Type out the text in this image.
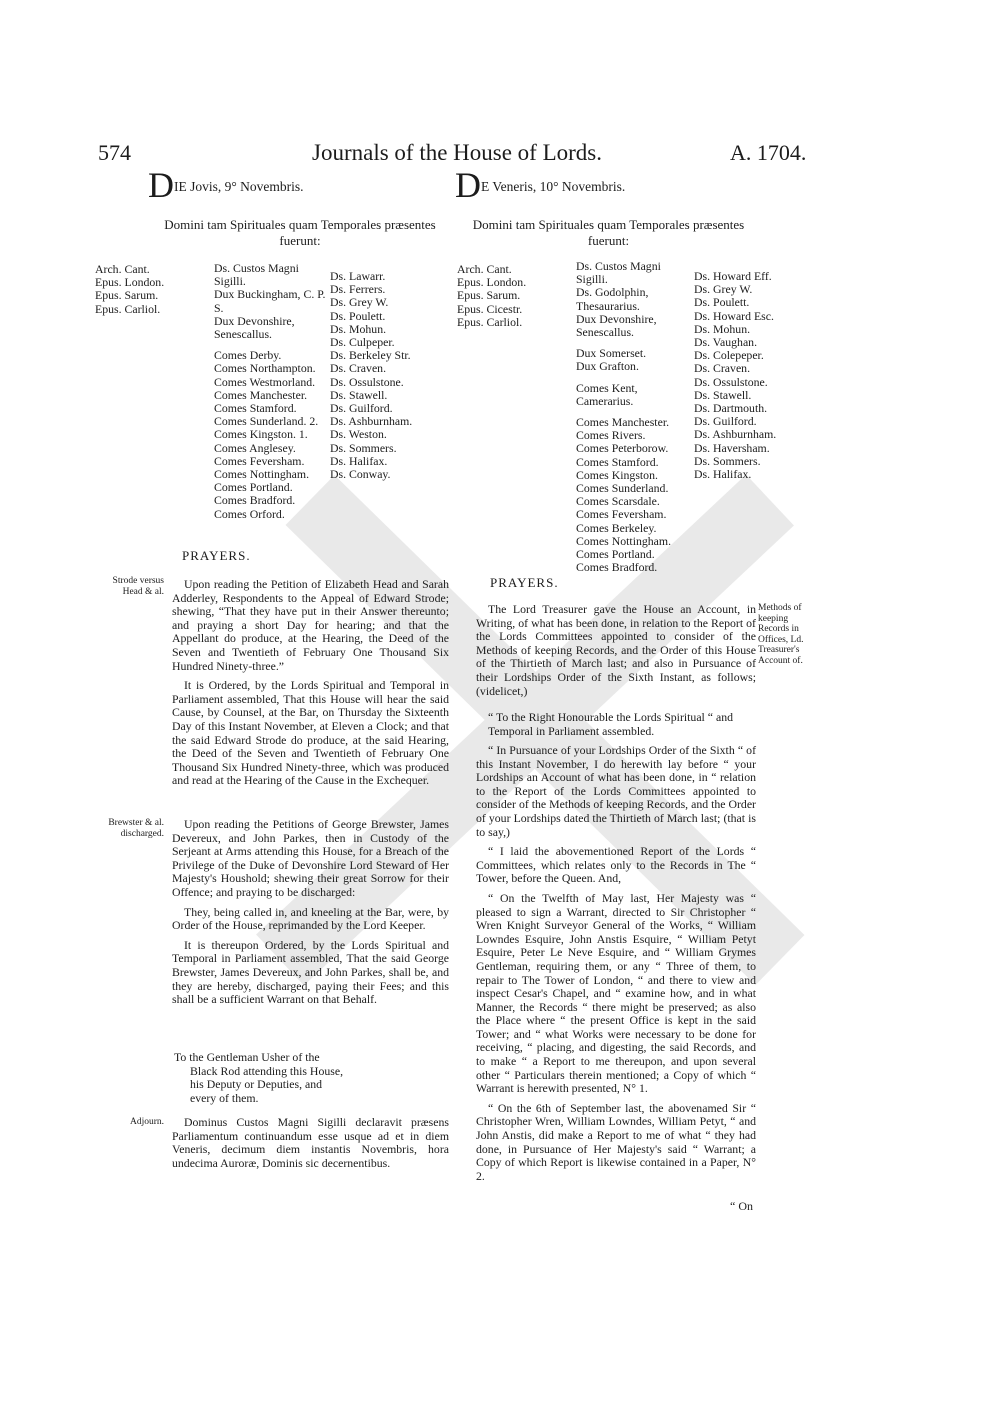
574	Journals of the House of Lords.	A. 1704.
DIE Jovis, 9° Novembris.
Domini tam Spirituales quam Temporales præsentes fuerunt:
Arch. Cant.
Epus. London.
Epus. Sarum.
Epus. Carliol.
Ds. Custos Magni Sigilli.
Dux Buckingham, C. P. S.
Dux Devonshire, Senescallus.
Comes Derby.
Comes Northampton.
Comes Westmorland.
Comes Manchester.
Comes Stamford.
Comes Sunderland. 2.
Comes Kingston. 1.
Comes Anglesey.
Comes Feversham.
Comes Nottingham.
Comes Portland.
Comes Bradford.
Comes Orford.
Ds. Lawarr.
Ds. Ferrers.
Ds. Grey W.
Ds. Poulett.
Ds. Mohun.
Ds. Culpeper.
Ds. Berkeley Str.
Ds. Craven.
Ds. Ossulstone.
Ds. Stawell.
Ds. Guilford.
Ds. Ashburnham.
Ds. Weston.
Ds. Sommers.
Ds. Halifax.
Ds. Conway.
PRAYERS.
Strode versus Head & al.

Upon reading the Petition of Elizabeth Head and Sarah Adderley, Respondents to the Appeal of Edward Strode; shewing, “That they have put in their Answer thereunto; and praying a short Day for hearing; and that the Appellant do produce, at the Hearing, the Deed of the Seven and Twentieth of February One Thousand Six Hundred Ninety-three.”

It is Ordered, by the Lords Spiritual and Temporal in Parliament assembled, That this House will hear the said Cause, by Counsel, at the Bar, on Thursday the Sixteenth Day of this Instant November, at Eleven a Clock; and that the said Edward Strode do produce, at the said Hearing, the Deed of the Seven and Twentieth of February One Thousand Six Hundred Ninety-three, which was produced and read at the Hearing of the Cause in the Exchequer.

Brewster & al. discharged.

Upon reading the Petitions of George Brewster, James Devereux, and John Parkes, then in Custody of the Serjeant at Arms attending this House, for a Breach of the Privilege of the Duke of Devonshire Lord Steward of Her Majesty's Houshold; shewing their great Sorrow for their Offence; and praying to be discharged:

They, being called in, and kneeling at the Bar, were, by Order of the House, reprimanded by the Lord Keeper.

It is thereupon Ordered, by the Lords Spiritual and Temporal in Parliament assembled, That the said George Brewster, James Devereux, and John Parkes, shall be, and they are hereby, discharged, paying their Fees; and this shall be a sufficient Warrant on that Behalf.

To the Gentleman Usher of the
Black Rod attending this House,
his Deputy or Deputies, and
every of them.
Adjourn.	Dominus Custos Magni Sigilli declaravit præsens Parliamentum continuandum esse usque ad et in diem Veneris, decimum diem instantis Novembris, hora undecima Auroræ, Dominis sic decernentibus.

DE Veneris, 10° Novembris.
Domini tam Spirituales quam Temporales præsentes fuerunt:
Arch. Cant.
Epus. London.
Epus. Sarum.
Epus. Cicestr.
Epus. Carliol.
Ds. Custos Magni Sigilli.
Ds. Godolphin, Thesaurarius.
Dux Devonshire, Senescallus.
Dux Somerset.
Dux Grafton.
Comes Kent, Camerarius.
Comes Manchester.
Comes Rivers.
Comes Peterborow.
Comes Stamford.
Comes Kingston.
Comes Sunderland.
Comes Scarsdale.
Comes Feversham.
Comes Berkeley.
Comes Nottingham.
Comes Portland.
Comes Bradford.
Ds. Howard Eff.
Ds. Grey W.
Ds. Poulett.
Ds. Howard Esc.
Ds. Mohun.
Ds. Vaughan.
Ds. Colepeper.
Ds. Craven.
Ds. Ossulstone.
Ds. Stawell.
Ds. Dartmouth.
Ds. Guilford.
Ds. Ashburnham.
Ds. Haversham.
Ds. Sommers.
Ds. Halifax.
PRAYERS.

The Lord Treasurer gave the House an Account, in Writing, of what has been done, in relation to the Report of the Lords Committees appointed to consider of the Methods of keeping Records, and the Order of this House of the Thirtieth of March last; and also in Pursuance of their Lordships Order of the Sixth Instant, as follows; (videlicet,)

Methods of keeping Records in Offices, Ld. Treasurer's Account of.
“ To the Right Honourable the Lords Spiritual “ and Temporal in Parliament assembled.

“ In Pursuance of your Lordships Order of the Sixth “ of this Instant November, I do herewith lay before “ your Lordships an Account of what has been done, in “ relation to the Report of the Lords Committees appointed to consider of the Methods of keeping Records, and the Order of your Lordships dated the Thirtieth of March last; (that is to say,)

“ I laid the abovementioned Report of the Lords “ Committees, which relates only to the Records in The “ Tower, before the Queen. And,

“ On the Twelfth of May last, Her Majesty was “ pleased to sign a Warrant, directed to Sir Christopher “ Wren Knight Surveyor General of the Works, “ William Lowndes Esquire, John Anstis Esquire, “ William Petyt Esquire, Peter Le Neve Esquire, and “ William Grymes Gentleman, requiring them, or any “ Three of them, to repair to The Tower of London, “ and there to view and inspect Cesar's Chapel, and “ examine how, and in what Manner, the Records “ there might be preserved; as also the Place where “ the present Office is kept in the said Tower; and “ what Works were necessary to be done for receiving, “ placing, and digesting, the said Records, and to make “ a Report to me thereupon, and upon several other “ Particulars therein mentioned; a Copy of which “ Warrant is herewith presented, N° 1.

“ On the 6th of September last, the abovenamed Sir “ Christopher Wren, William Lowndes, William Petyt, “ and John Anstis, did make a Report to me of what “ they had done, in Pursuance of Her Majesty's said “ Warrant; a Copy of which Report is likewise contained in a Paper, N° 2.

“ On
